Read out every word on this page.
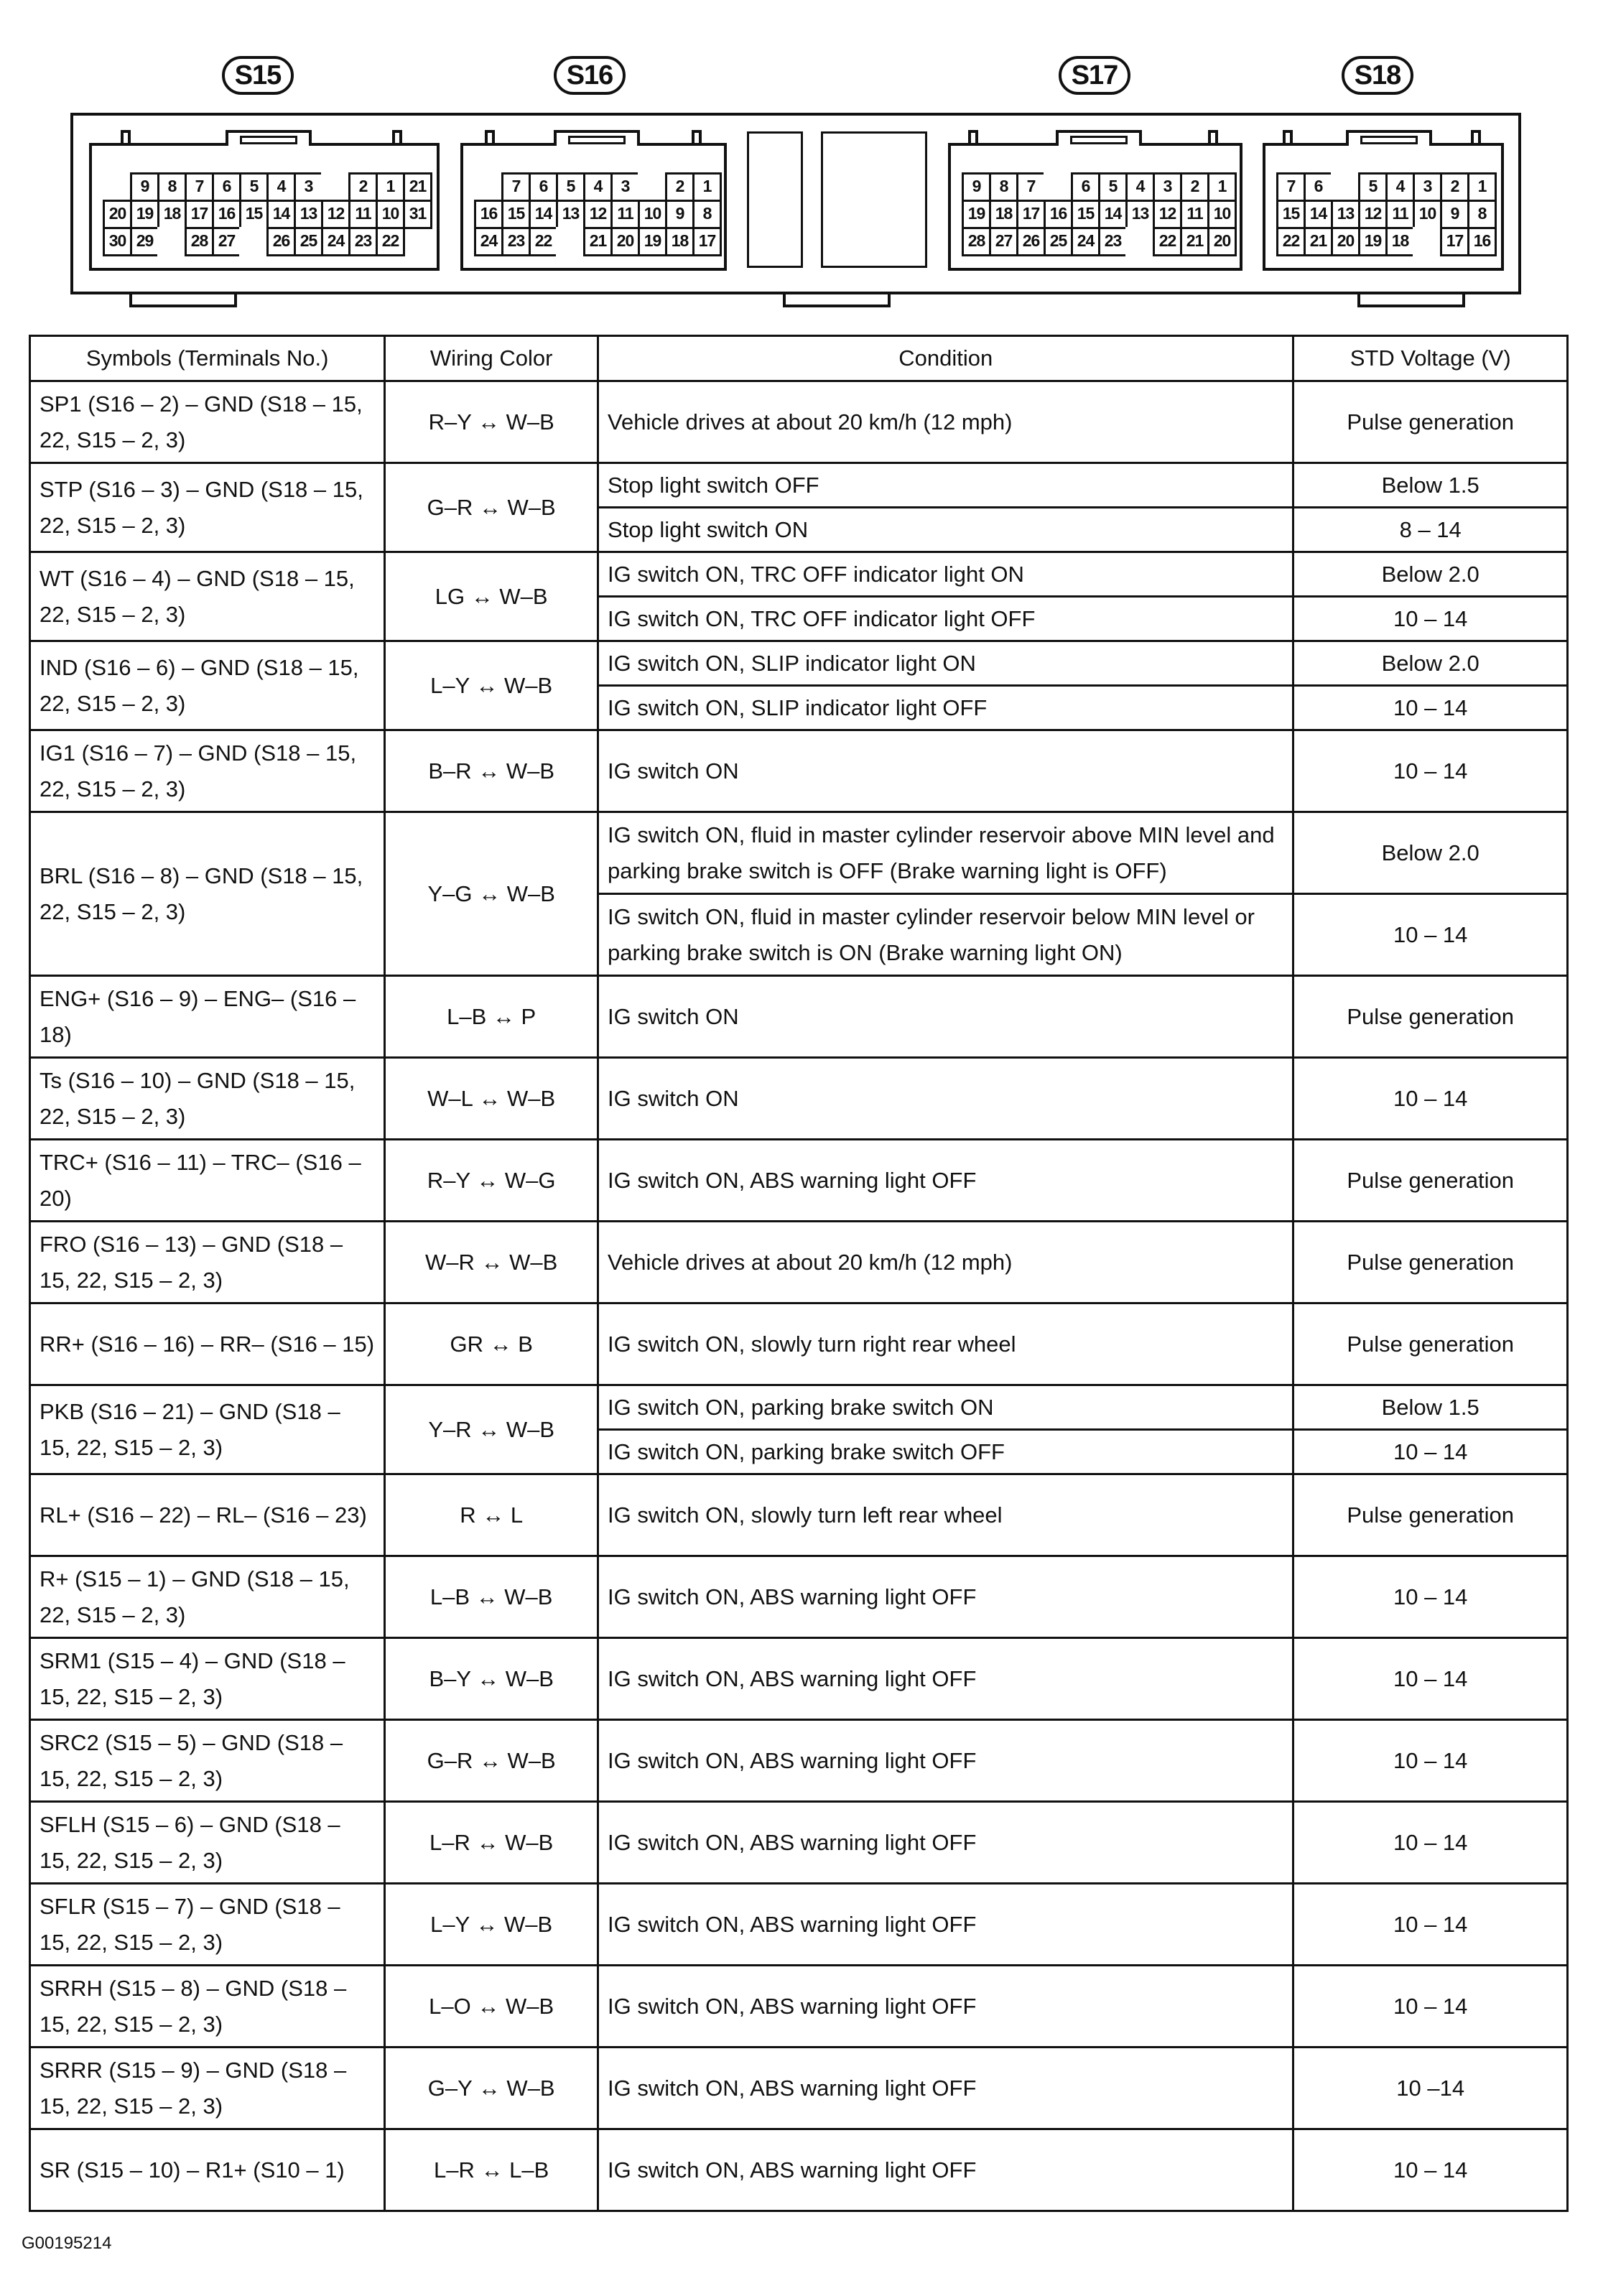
S15	S16	S17	S18
9	8	7	6	5	4	3	2	1 21
20 19 18 17 16 15 14 13 12 11 10 31
30 29	28 27	26 25 24 23 22
7	6	5	4	3	2	1
16 15 14 13 12 11 10 9	8
24 23 22	21 20 19 18 17
9	8	7	6	5	4	3	2	1
19 18 17 16 15 14 13 12 11 10
28 27 26 25 24 23	22 21 20
7	6	5	4	3	2	1
15 14 13 12 11 10 9	8
22 21 20 19 18	17 16
Symbols (Terminals No.)	Wiring Color	Condition	STD Voltage (V)
SP1 (S16 – 2) – GND (S18 – 15, 22, S15 – 2, 3)	R–Y ↔ W–B	Vehicle drives at about 20 km/h (12 mph)	Pulse generation
STP (S16 – 3) – GND (S18 – 15, 22, S15 – 2, 3)	G–R ↔ W–B	Stop light switch OFF	Below 1.5
		Stop light switch ON	8 – 14
WT (S16 – 4) – GND (S18 – 15, 22, S15 – 2, 3)	LG ↔ W–B	IG switch ON, TRC OFF indicator light ON	Below 2.0
		IG switch ON, TRC OFF indicator light OFF	10 – 14
IND (S16 – 6) – GND (S18 – 15, 22, S15 – 2, 3)	L–Y ↔ W–B	IG switch ON, SLIP indicator light ON	Below 2.0
		IG switch ON, SLIP indicator light OFF	10 – 14
IG1 (S16 – 7) – GND (S18 – 15, 22, S15 – 2, 3)	B–R ↔ W–B	IG switch ON	10 – 14
BRL (S16 – 8) – GND (S18 – 15, 22, S15 – 2, 3)	Y–G ↔ W–B	IG switch ON, fluid in master cylinder reservoir above MIN level and parking brake switch is OFF (Brake warning light is OFF)	Below 2.0
		IG switch ON, fluid in master cylinder reservoir below MIN level or parking brake switch is ON (Brake warning light ON)	10 – 14
ENG+ (S16 – 9) – ENG– (S16 – 18)	L–B ↔ P	IG switch ON	Pulse generation
Ts (S16 – 10) – GND (S18 – 15, 22, S15 – 2, 3)	W–L ↔ W–B	IG switch ON	10 – 14
TRC+ (S16 – 11) – TRC– (S16 – 20)	R–Y ↔ W–G	IG switch ON, ABS warning light OFF	Pulse generation
FRO (S16 – 13) – GND (S18 – 15, 22, S15 – 2, 3)	W–R ↔ W–B	Vehicle drives at about 20 km/h (12 mph)	Pulse generation
RR+ (S16 – 16) – RR– (S16 – 15)	GR ↔ B	IG switch ON, slowly turn right rear wheel	Pulse generation
PKB (S16 – 21) – GND (S18 – 15, 22, S15 – 2, 3)	Y–R ↔ W–B	IG switch ON, parking brake switch ON	Below 1.5
		IG switch ON, parking brake switch OFF	10 – 14
RL+ (S16 – 22) – RL– (S16 – 23)	R ↔ L	IG switch ON, slowly turn left rear wheel	Pulse generation
R+ (S15 – 1) – GND (S18 – 15, 22, S15 – 2, 3)	L–B ↔ W–B	IG switch ON, ABS warning light OFF	10 – 14
SRM1 (S15 – 4) – GND (S18 – 15, 22, S15 – 2, 3)	B–Y ↔ W–B	IG switch ON, ABS warning light OFF	10 – 14
SRC2 (S15 – 5) – GND (S18 – 15, 22, S15 – 2, 3)	G–R ↔ W–B	IG switch ON, ABS warning light OFF	10 – 14
SFLH (S15 – 6) – GND (S18 – 15, 22, S15 – 2, 3)	L–R ↔ W–B	IG switch ON, ABS warning light OFF	10 – 14
SFLR (S15 – 7) – GND (S18 – 15, 22, S15 – 2, 3)	L–Y ↔ W–B	IG switch ON, ABS warning light OFF	10 – 14
SRRH (S15 – 8) – GND (S18 – 15, 22, S15 – 2, 3)	L–O ↔ W–B	IG switch ON, ABS warning light OFF	10 – 14
SRRR (S15 – 9) – GND (S18 – 15, 22, S15 – 2, 3)	G–Y ↔ W–B	IG switch ON, ABS warning light OFF	10 –14
SR (S15 – 10) – R1+ (S10 – 1)	L–R ↔ L–B	IG switch ON, ABS warning light OFF	10 – 14
G00195214
